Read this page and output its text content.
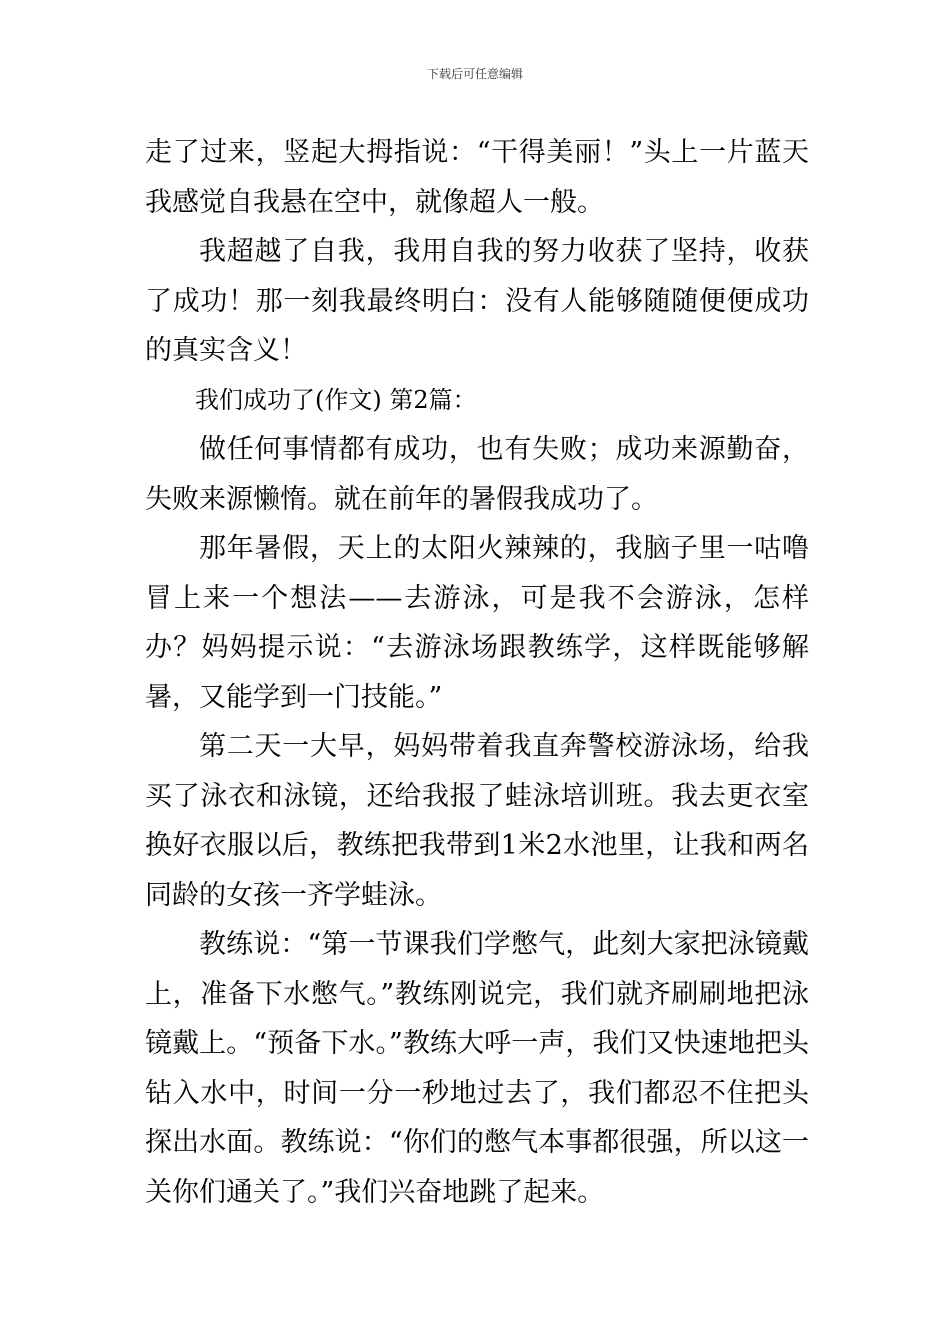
下载后可任意编辑

走了过来，竖起大拇指说：“干得美丽！”头上一片蓝天我感觉自我悬在空中，就像超人一般。

我超越了自我，我用自我的努力收获了坚持，收获了成功！那一刻我最终明白：没有人能够随随便便成功的真实含义！

我们成功了(作文) 第2篇：

做任何事情都有成功，也有失败；成功来源勤奋，失败来源懒惰。就在前年的暑假我成功了。

那年暑假，天上的太阳火辣辣的，我脑子里一咕噜冒上来一个想法——去游泳，可是我不会游泳，怎样办？妈妈提示说：“去游泳场跟教练学，这样既能够解暑，又能学到一门技能。”

第二天一大早，妈妈带着我直奔警校游泳场，给我买了泳衣和泳镜，还给我报了蛙泳培训班。我去更衣室换好衣服以后，教练把我带到1米2水池里，让我和两名同龄的女孩一齐学蛙泳。

教练说：“第一节课我们学憋气，此刻大家把泳镜戴上，准备下水憋气。”教练刚说完，我们就齐刷刷地把泳镜戴上。“预备下水。”教练大呼一声，我们又快速地把头钻入水中，时间一分一秒地过去了，我们都忍不住把头探出水面。教练说：“你们的憋气本事都很强，所以这一关你们通关了。”我们兴奋地跳了起来。
